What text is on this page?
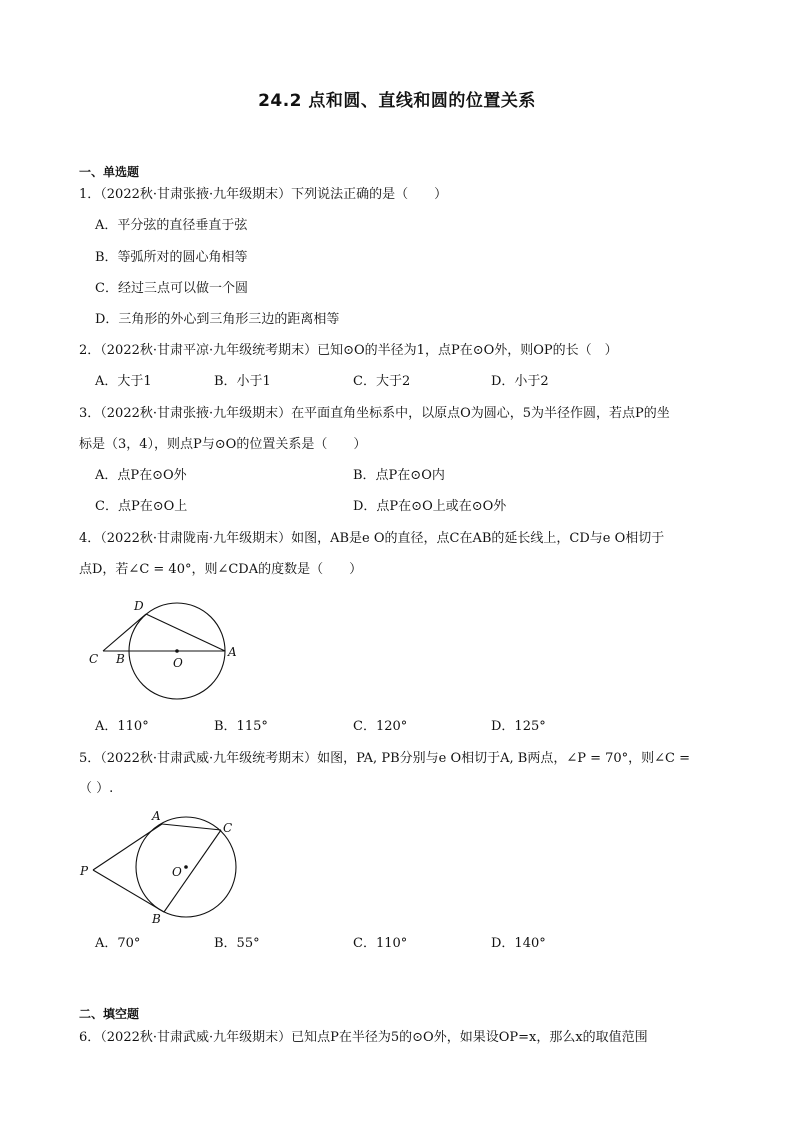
24.2 点和圆、直线和圆的位置关系
一、单选题
1．（2022秋·甘肃张掖·九年级期末）下列说法正确的是（　　）
A．平分弦的直径垂直于弦
B．等弧所对的圆心角相等
C．经过三点可以做一个圆
D．三角形的外心到三角形三边的距离相等
2．（2022秋·甘肃平凉·九年级统考期末）已知⊙O的半径为1，点P在⊙O外，则OP的长（　）
A．大于1	B．小于1	C．大于2	D．小于2
3．（2022秋·甘肃张掖·九年级期末）在平面直角坐标系中，以原点O为圆心，5为半径作圆，若点P的坐
标是（3，4），则点P与⊙O的位置关系是（　　）
A．点P在⊙O外	B．点P在⊙O内
C．点P在⊙O上	D．点P在⊙O上或在⊙O外
4．（2022秋·甘肃陇南·九年级期末）如图，AB是e O的直径，点C在AB的延长线上，CD与e O相切于
点D，若∠C = 40°，则∠CDA的度数是（　　）
D
C B	O
A
A．110°	B．115°	C．120°	D．125°
5．（2022秋·甘肃武威·九年级统考期末）如图，PA, PB分别与e O相切于A, B两点，∠P = 70°，则∠C =
（ ）.
A
C
P	O
B
A．70°	B．55°	C．110°	D．140°
二、填空题
6．（2022秋·甘肃武威·九年级期末）已知点P在半径为5的⊙O外，如果设OP=x，那么x的取值范围
